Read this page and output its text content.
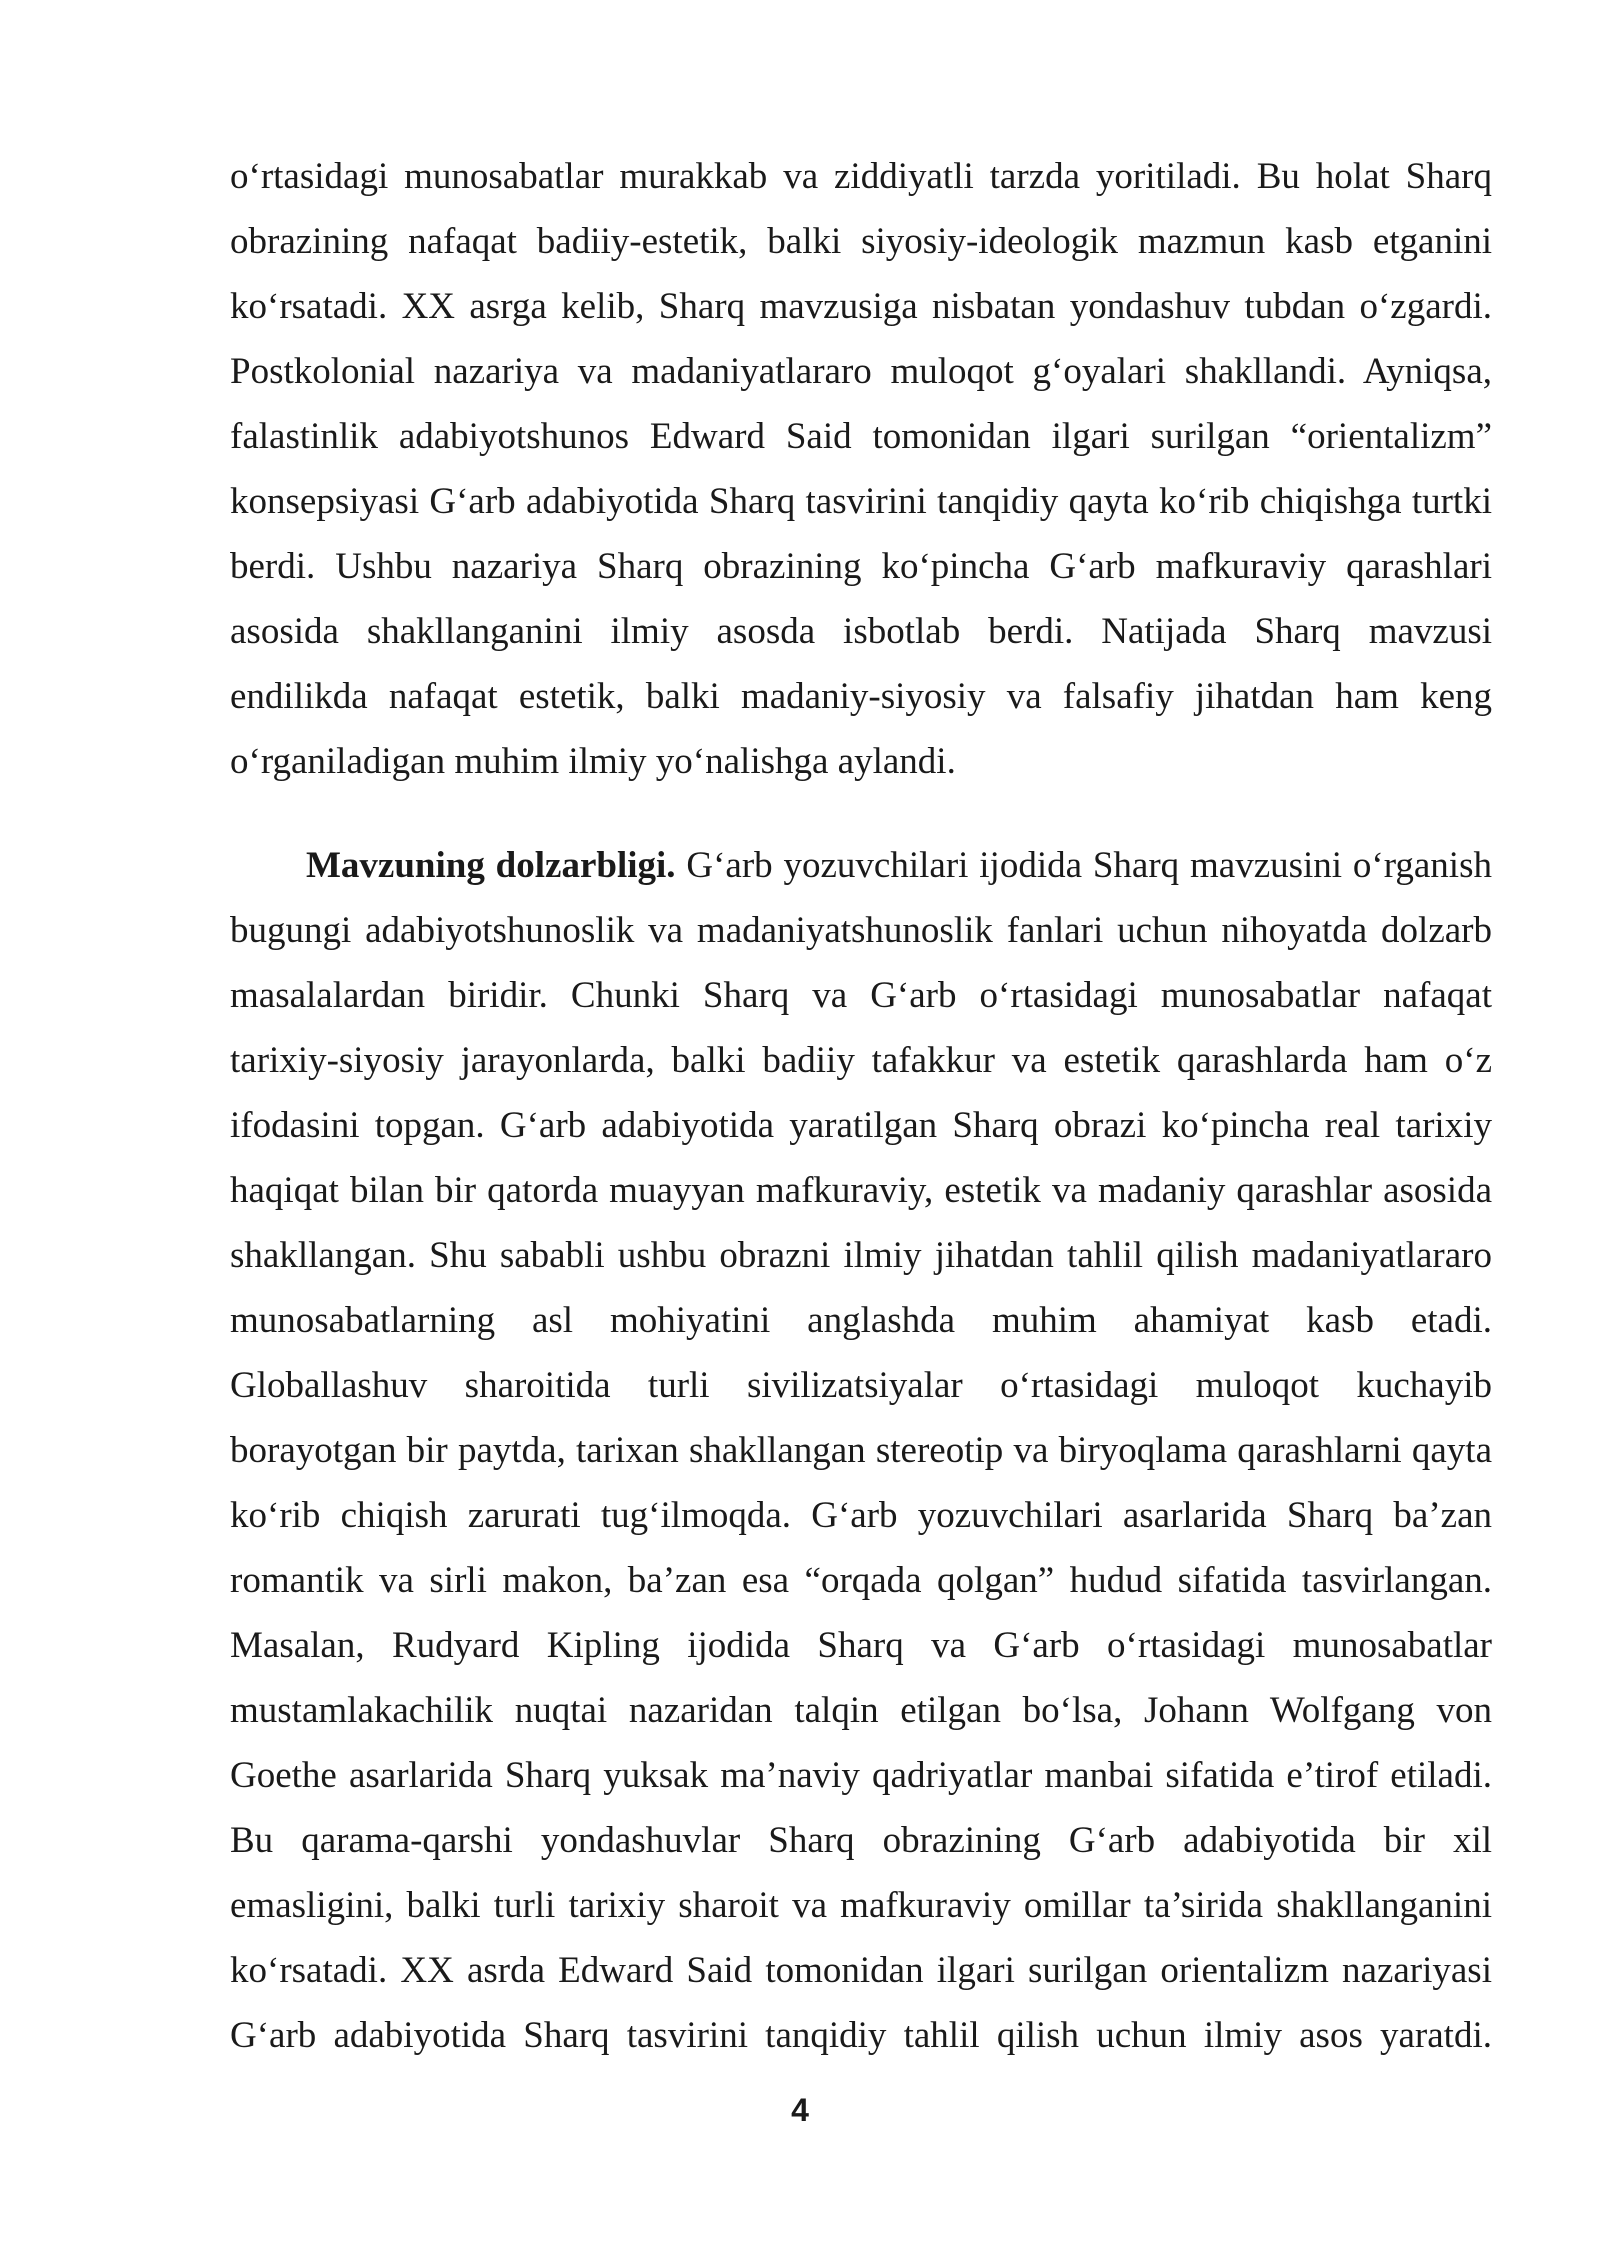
o‘rtasidagi munosabatlar murakkab va ziddiyatli tarzda yoritiladi. Bu holat Sharq
obrazining nafaqat badiiy-estetik, balki siyosiy-ideologik mazmun kasb etganini
ko‘rsatadi. XX asrga kelib, Sharq mavzusiga nisbatan yondashuv tubdan o‘zgardi.
Postkolonial nazariya va madaniyatlararo muloqot g‘oyalari shakllandi. Ayniqsa,
falastinlik adabiyotshunos Edward Said tomonidan ilgari surilgan “orientalizm”
konsepsiyasi G‘arb adabiyotida Sharq tasvirini tanqidiy qayta ko‘rib chiqishga turtki
berdi. Ushbu nazariya Sharq obrazining ko‘pincha G‘arb mafkuraviy qarashlari
asosida shakllanganini ilmiy asosda isbotlab berdi. Natijada Sharq mavzusi
endilikda nafaqat estetik, balki madaniy-siyosiy va falsafiy jihatdan ham keng
o‘rganiladigan muhim ilmiy yo‘nalishga aylandi.
Mavzuning dolzarbligi. G‘arb yozuvchilari ijodida Sharq mavzusini o‘rganish
bugungi adabiyotshunoslik va madaniyatshunoslik fanlari uchun nihoyatda dolzarb
masalalardan biridir. Chunki Sharq va G‘arb o‘rtasidagi munosabatlar nafaqat
tarixiy-siyosiy jarayonlarda, balki badiiy tafakkur va estetik qarashlarda ham o‘z
ifodasini topgan. G‘arb adabiyotida yaratilgan Sharq obrazi ko‘pincha real tarixiy
haqiqat bilan bir qatorda muayyan mafkuraviy, estetik va madaniy qarashlar asosida
shakllangan. Shu sababli ushbu obrazni ilmiy jihatdan tahlil qilish madaniyatlararo
munosabatlarning asl mohiyatini anglashda muhim ahamiyat kasb etadi.
Globallashuv sharoitida turli sivilizatsiyalar o‘rtasidagi muloqot kuchayib
borayotgan bir paytda, tarixan shakllangan stereotip va biryoqlama qarashlarni qayta
ko‘rib chiqish zarurati tug‘ilmoqda. G‘arb yozuvchilari asarlarida Sharq ba’zan
romantik va sirli makon, ba’zan esa “orqada qolgan” hudud sifatida tasvirlangan.
Masalan, Rudyard Kipling ijodida Sharq va G‘arb o‘rtasidagi munosabatlar
mustamlakachilik nuqtai nazaridan talqin etilgan bo‘lsa, Johann Wolfgang von
Goethe asarlarida Sharq yuksak ma’naviy qadriyatlar manbai sifatida e’tirof etiladi.
Bu qarama-qarshi yondashuvlar Sharq obrazining G‘arb adabiyotida bir xil
emasligini, balki turli tarixiy sharoit va mafkuraviy omillar ta’sirida shakllanganini
ko‘rsatadi. XX asrda Edward Said tomonidan ilgari surilgan orientalizm nazariyasi
G‘arb adabiyotida Sharq tasvirini tanqidiy tahlil qilish uchun ilmiy asos yaratdi.
4
